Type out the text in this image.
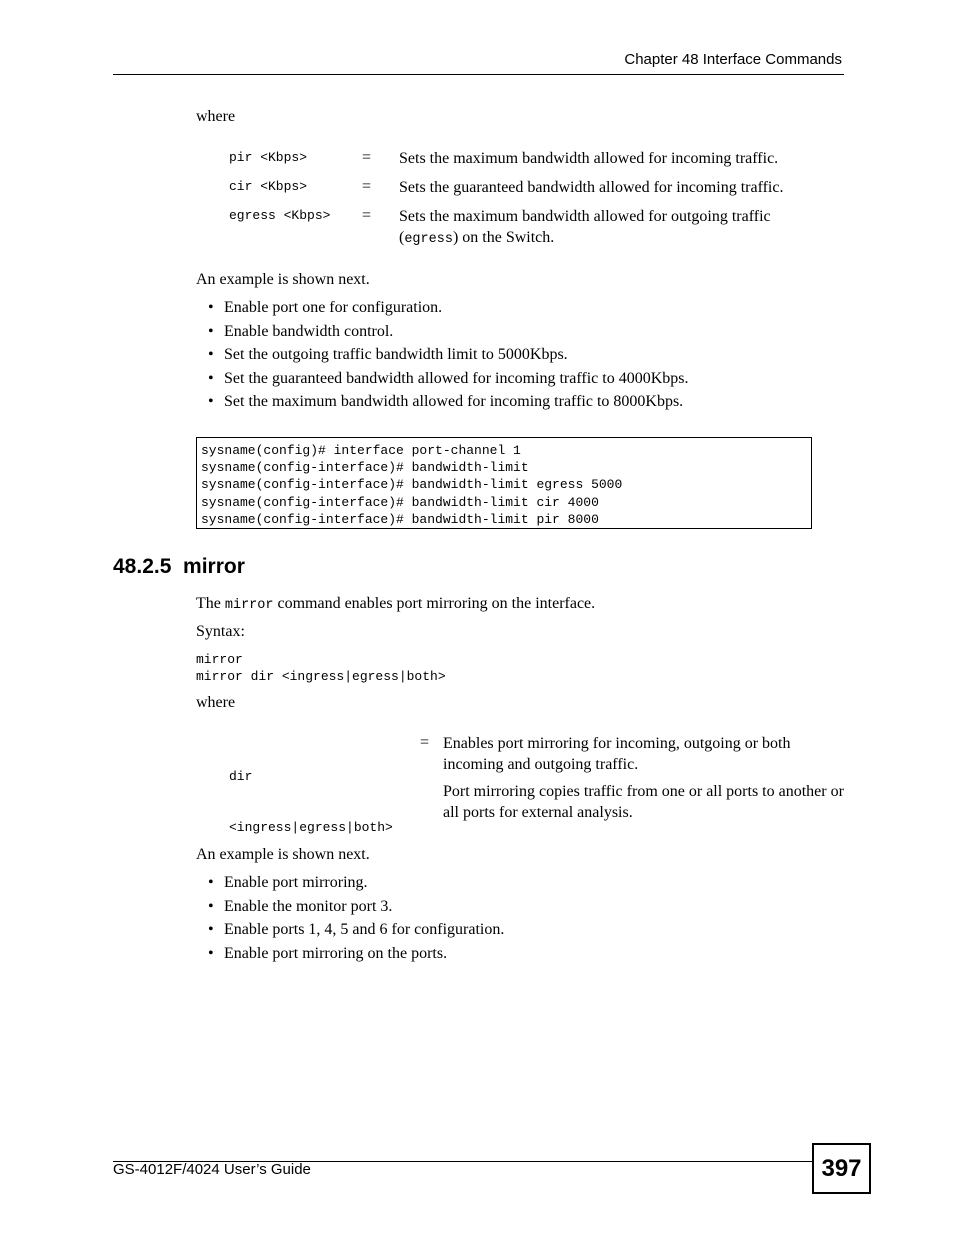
Chapter 48 Interface Commands
where
pir <Kbps>	= Sets the maximum bandwidth allowed for incoming traffic.
cir <Kbps>	= Sets the guaranteed bandwidth allowed for incoming traffic.
egress <Kbps> = Sets the maximum bandwidth allowed for outgoing traffic (egress) on the Switch.
An example is shown next.
• Enable port one for configuration.
• Enable bandwidth control.
• Set the outgoing traffic bandwidth limit to 5000Kbps.
• Set the guaranteed bandwidth allowed for incoming traffic to 4000Kbps.
• Set the maximum bandwidth allowed for incoming traffic to 8000Kbps.
sysname(config)# interface port-channel 1
sysname(config-interface)# bandwidth-limit
sysname(config-interface)# bandwidth-limit egress 5000
sysname(config-interface)# bandwidth-limit cir 4000
sysname(config-interface)# bandwidth-limit pir 8000
48.2.5  mirror
The mirror command enables port mirroring on the interface.
Syntax:
mirror
mirror dir <ingress|egress|both>
where

dir

<ingress|egress|both>

= Enables port mirroring for incoming, outgoing or both incoming and outgoing traffic.
Port mirroring copies traffic from one or all ports to another or all ports for external analysis.
An example is shown next.
• Enable port mirroring.
• Enable the monitor port 3.
• Enable ports 1, 4, 5 and 6 for configuration.
• Enable port mirroring on the ports.
GS-4012F/4024 User’s Guide	397
